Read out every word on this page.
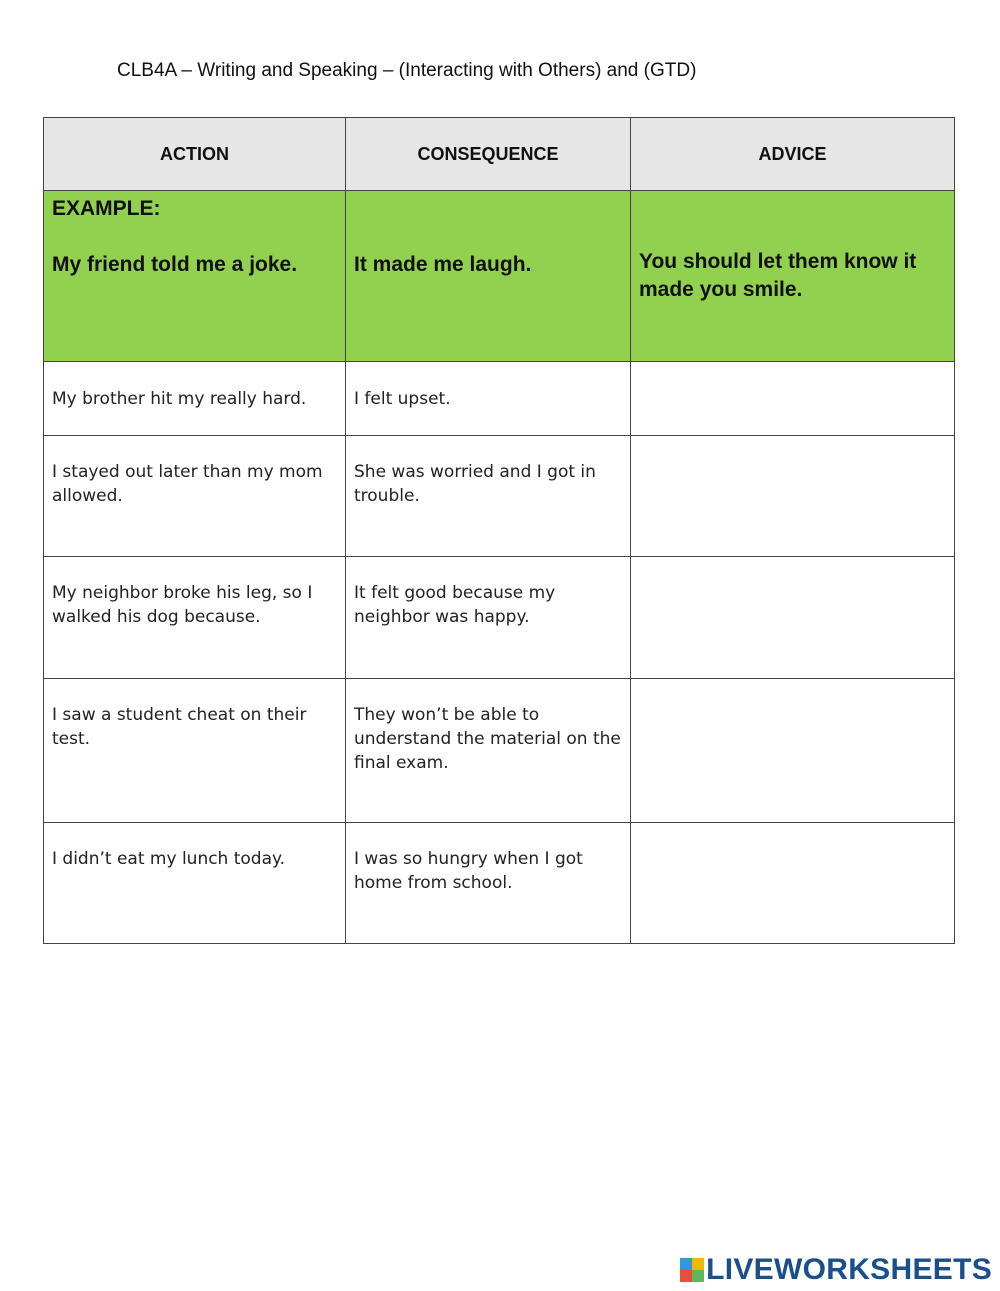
CLB4A – Writing and Speaking – (Interacting with Others) and (GTD)
ACTION	CONSEQUENCE	ADVICE

EXAMPLE:
My friend told me a joke.	It made me laugh.	You should let them know it made you smile.
My brother hit my really hard.	I felt upset.	
I stayed out later than my mom allowed.	She was worried and I got in trouble.	
My neighbor broke his leg, so I walked his dog because.	It felt good because my neighbor was happy.	
I saw a student cheat on their test.	They won’t be able to understand the material on the final exam.	
I didn’t eat my lunch today.	I was so hungry when I got home from school.	
LIVEWORKSHEETS
